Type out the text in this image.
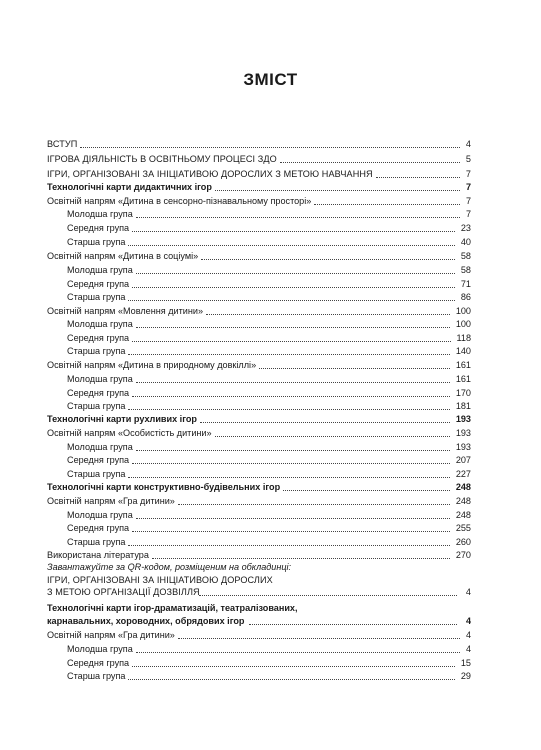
ЗМІСТ
ВСТУП	4
ІГРОВА ДІЯЛЬНІСТЬ В ОСВІТНЬОМУ ПРОЦЕСІ ЗДО	5
ІГРИ, ОРГАНІЗОВАНІ ЗА ІНІЦІАТИВОЮ ДОРОСЛИХ З МЕТОЮ НАВЧАННЯ	7
Технологічні карти дидактичних ігор	7
Освітній напрям «Дитина в сенсорно-пізнавальному просторі»	7
Молодша група	7
Середня група	23
Старша група	40
Освітній напрям «Дитина в соціумі»	58
Молодша група	58
Середня група	71
Старша група	86
Освітній напрям «Мовлення дитини»	100
Молодша група	100
Середня група	118
Старша група	140
Освітній напрям «Дитина в природному довкіллі»	161
Молодша група	161
Середня група	170
Старша група	181
Технологічні карти рухливих ігор	193
Освітній напрям «Особистість дитини»	193
Молодша група	193
Середня група	207
Старша група	227
Технологічні карти конструктивно-будівельних ігор	248
Освітній напрям «Гра дитини»	248
Молодша група	248
Середня група	255
Старша група	260
Використана література	270
Завантажуйте за QR-кодом, розміщеним на обкладинці:
ІГРИ, ОРГАНІЗОВАНІ ЗА ІНІЦІАТИВОЮ ДОРОСЛИХ
З МЕТОЮ ОРГАНІЗАЦІЇ ДОЗВІЛЛЯ	4
Технологічні карти ігор-драматизацій, театралізованих,
карнавальних, хороводних, обрядових ігор	4
Освітній напрям «Гра дитини»	4
Молодша група	4
Середня група	15
Старша група	29
